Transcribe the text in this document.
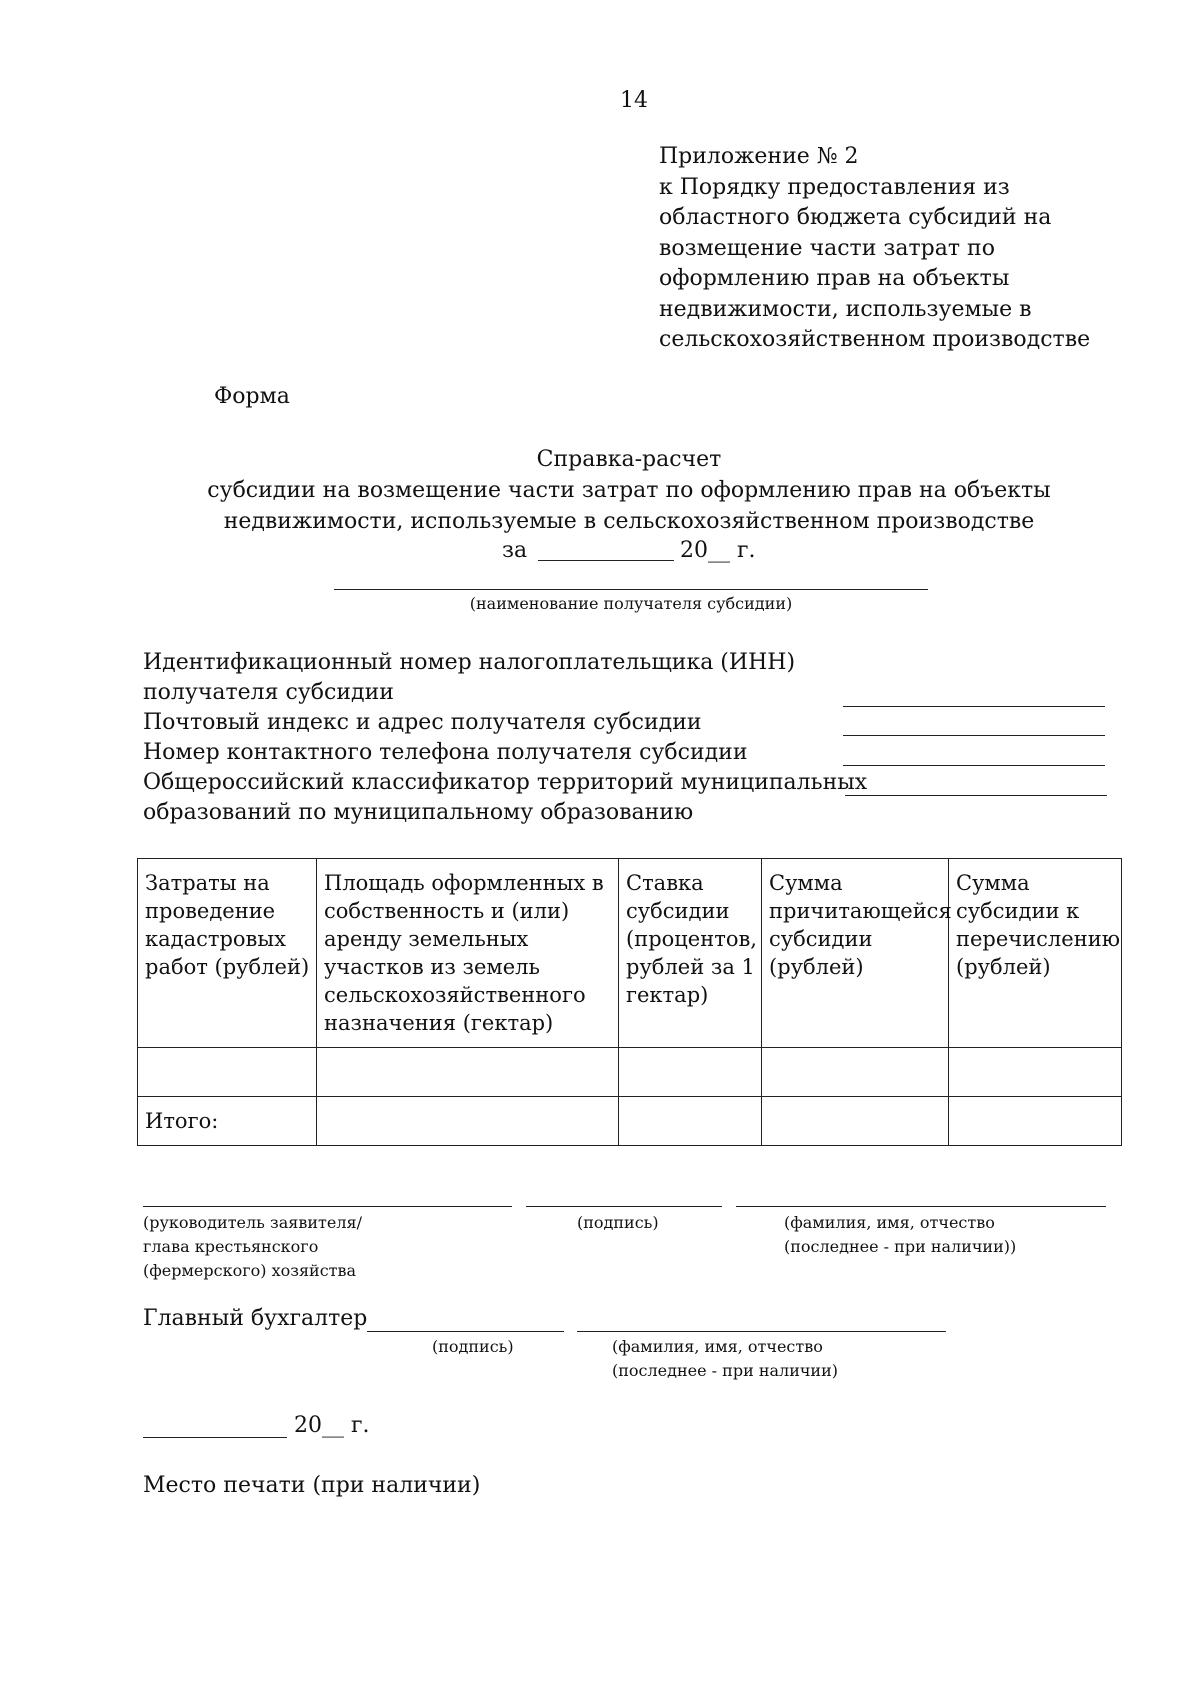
14
Приложение № 2
к Порядку предоставления из
областного бюджета субсидий на
возмещение части затрат по
оформлению прав на объекты
недвижимости, используемые в
сельскохозяйственном производстве
Форма
Справка-расчет
субсидии на возмещение части затрат по оформлению прав на объекты
недвижимости, используемые в сельскохозяйственном производстве
за	20__ г.
(наименование получателя субсидии)
Идентификационный номер налогоплательщика (ИНН)
получателя субсидии
Почтовый индекс и адрес получателя субсидии
Номер контактного телефона получателя субсидии
Общероссийский классификатор территорий муниципальных
образований по муниципальному образованию
Затраты на проведение кадастровых работ (рублей)	Площадь оформленных в собственность и (или) аренду земельных участков из земель сельскохозяйственного назначения (гектар)	Ставка субсидии (процентов, рублей за 1 гектар)	Сумма причитающейся субсидии (рублей)	Сумма субсидии к перечислению (рублей)

Итого:				
(руководитель заявителя/
глава крестьянского
(фермерского) хозяйства
(подпись)	(фамилия, имя, отчество
(последнее - при наличии))
Главный бухгалтер
(подпись)	(фамилия, имя, отчество
(последнее - при наличии)
20__ г.
Место печати (при наличии)
